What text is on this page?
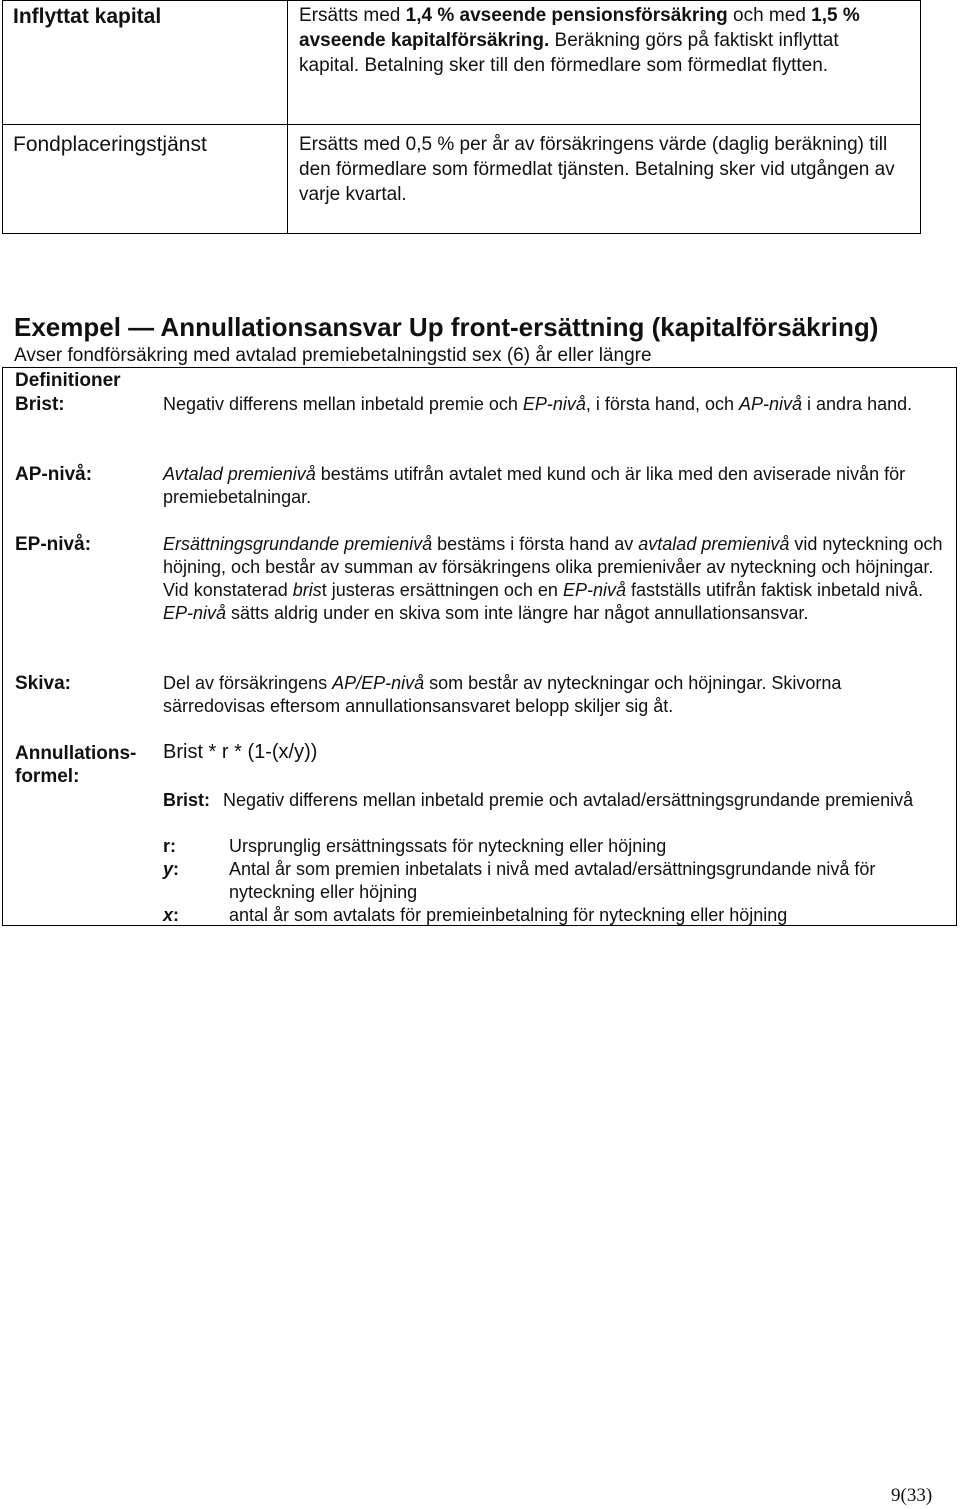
Inflyttat kapital	Ersätts med 1,4 % avseende pensionsförsäkring och med 1,5 % avseende kapitalförsäkring. Beräkning görs på faktiskt inflyttat kapital. Betalning sker till den förmedlare som förmedlat flytten.
Fondplaceringstjänst	Ersätts med 0,5 % per år av försäkringens värde (daglig beräkning) till den förmedlare som förmedlat tjänsten. Betalning sker vid utgången av varje kvartal.
Exempel — Annullationsansvar Up front-ersättning (kapitalförsäkring)
Avser fondförsäkring med avtalad premiebetalningstid sex (6) år eller längre
Definitioner
Brist:	Negativ differens mellan inbetald premie och EP-nivå, i första hand, och AP-nivå i andra hand.
AP-nivå:	Avtalad premienivå bestäms utifrån avtalet med kund och är lika med den aviserade nivån för premiebetalningar.
EP-nivå:	Ersättningsgrundande premienivå bestäms i första hand av avtalad premienivå vid nyteckning och höjning, och består av summan av försäkringens olika premienivåer av nyteckning och höjningar. Vid konstaterad brist justeras ersättningen och en EP-nivå fastställs utifrån faktisk inbetald nivå. EP-nivå sätts aldrig under en skiva som inte längre har något annullationsansvar.
Skiva:	Del av försäkringens AP/EP-nivå som består av nyteckningar och höjningar. Skivorna särredovisas eftersom annullationsansvaret belopp skiljer sig åt.
Annullations-formel:
Brist * r * (1-(x/y))
Brist: Negativ differens mellan inbetald premie och avtalad/ersättningsgrundande premienivå
r:	Ursprunglig ersättningssats för nyteckning eller höjning
y:	Antal år som premien inbetalats i nivå med avtalad/ersättningsgrundande nivå för nyteckning eller höjning
x:	antal år som avtalats för premieinbetalning för nyteckning eller höjning
9(33)
